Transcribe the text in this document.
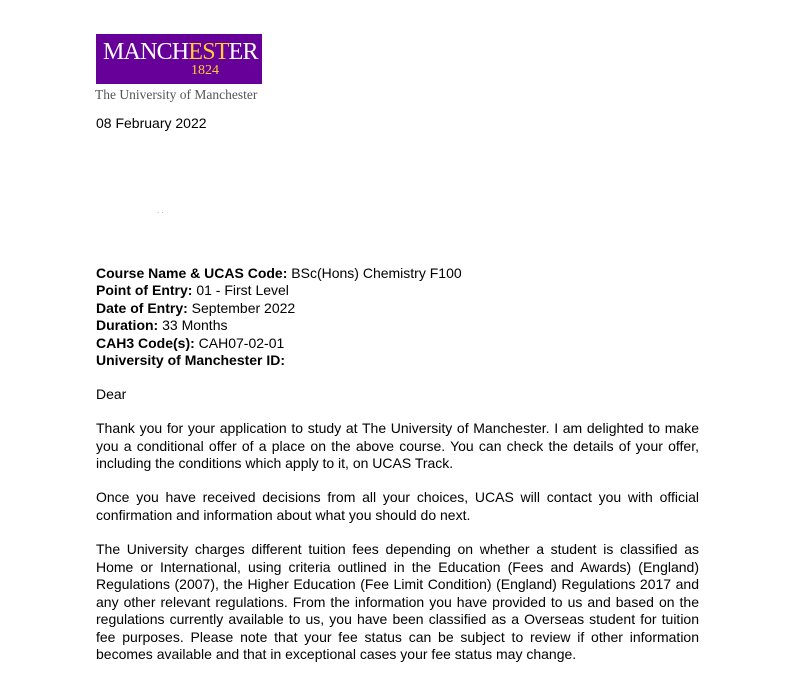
MANCHESTER
1824
The University of Manchester
08 February 2022
. .
Course Name & UCAS Code: BSc(Hons) Chemistry F100
Point of Entry: 01 - First Level
Date of Entry: September 2022
Duration: 33 Months
CAH3 Code(s): CAH07-02-01
University of Manchester ID:
Dear

Thank you for your application to study at The University of Manchester. I am delighted to make you a conditional offer of a place on the above course. You can check the details of your offer, including the conditions which apply to it, on UCAS Track.

Once you have received decisions from all your choices, UCAS will contact you with official confirmation and information about what you should do next.

The University charges different tuition fees depending on whether a student is classified as Home or International, using criteria outlined in the Education (Fees and Awards) (England) Regulations (2007), the Higher Education (Fee Limit Condition) (England) Regulations 2017 and any other relevant regulations. From the information you have provided to us and based on the regulations currently available to us, you have been classified as a Overseas student for tuition fee purposes. Please note that your fee status can be subject to review if other information becomes available and that in exceptional cases your fee status may change.
